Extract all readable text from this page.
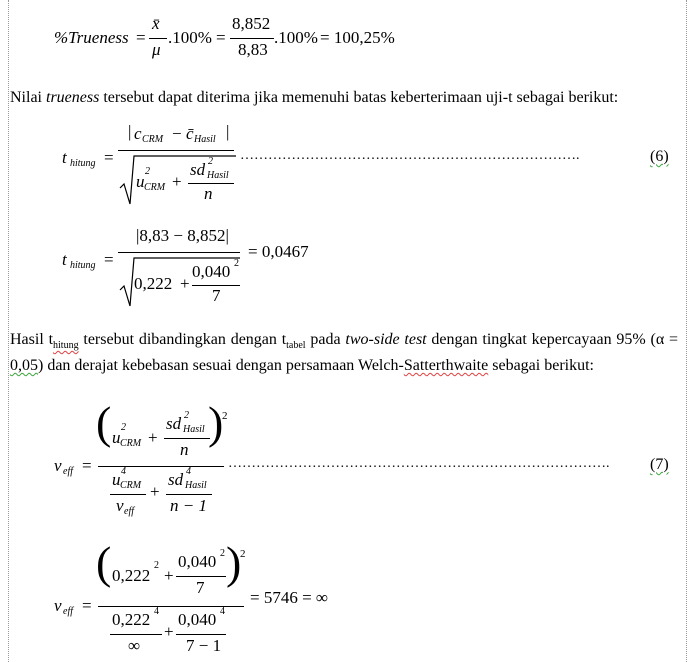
%Trueness =
x̄
μ
.100% =
8,852
8,83
.100% = 100,25%
Nilai trueness tersebut dapat diterima jika memenuhi batas keberterimaan uji-t sebagai berikut:
t hitung =
| c CRM − c̄ Hasil |
u
2
CRM +
sd 2
Hasil
n
……………………………………………………………….	(6)
t hitung =
|8,83 − 8,852|
0,222 +
0,040 2
7
= 0,0467
Hasil $t_{hitung}$ tersebut dibandingkan dengan $t_{tabel}$ pada two-side test dengan tingkat kepercayaan 95% (α = 0,05) dan derajat kebebasan sesuai dengan persamaan Welch-Satterthwaite sebagai berikut:
v eff =
( u
2
CRM +
sd 2
Hasil
n
)
2
u 4
CRM
v eff
+
sd 4
Hasil
n − 1
……………………………………………………………………….	(7)
v eff =
( 0,222
2
+
0,040 2
7 )
2
0,222 4
∞
+
0,040 4
7 − 1
= 5746 = ∞
